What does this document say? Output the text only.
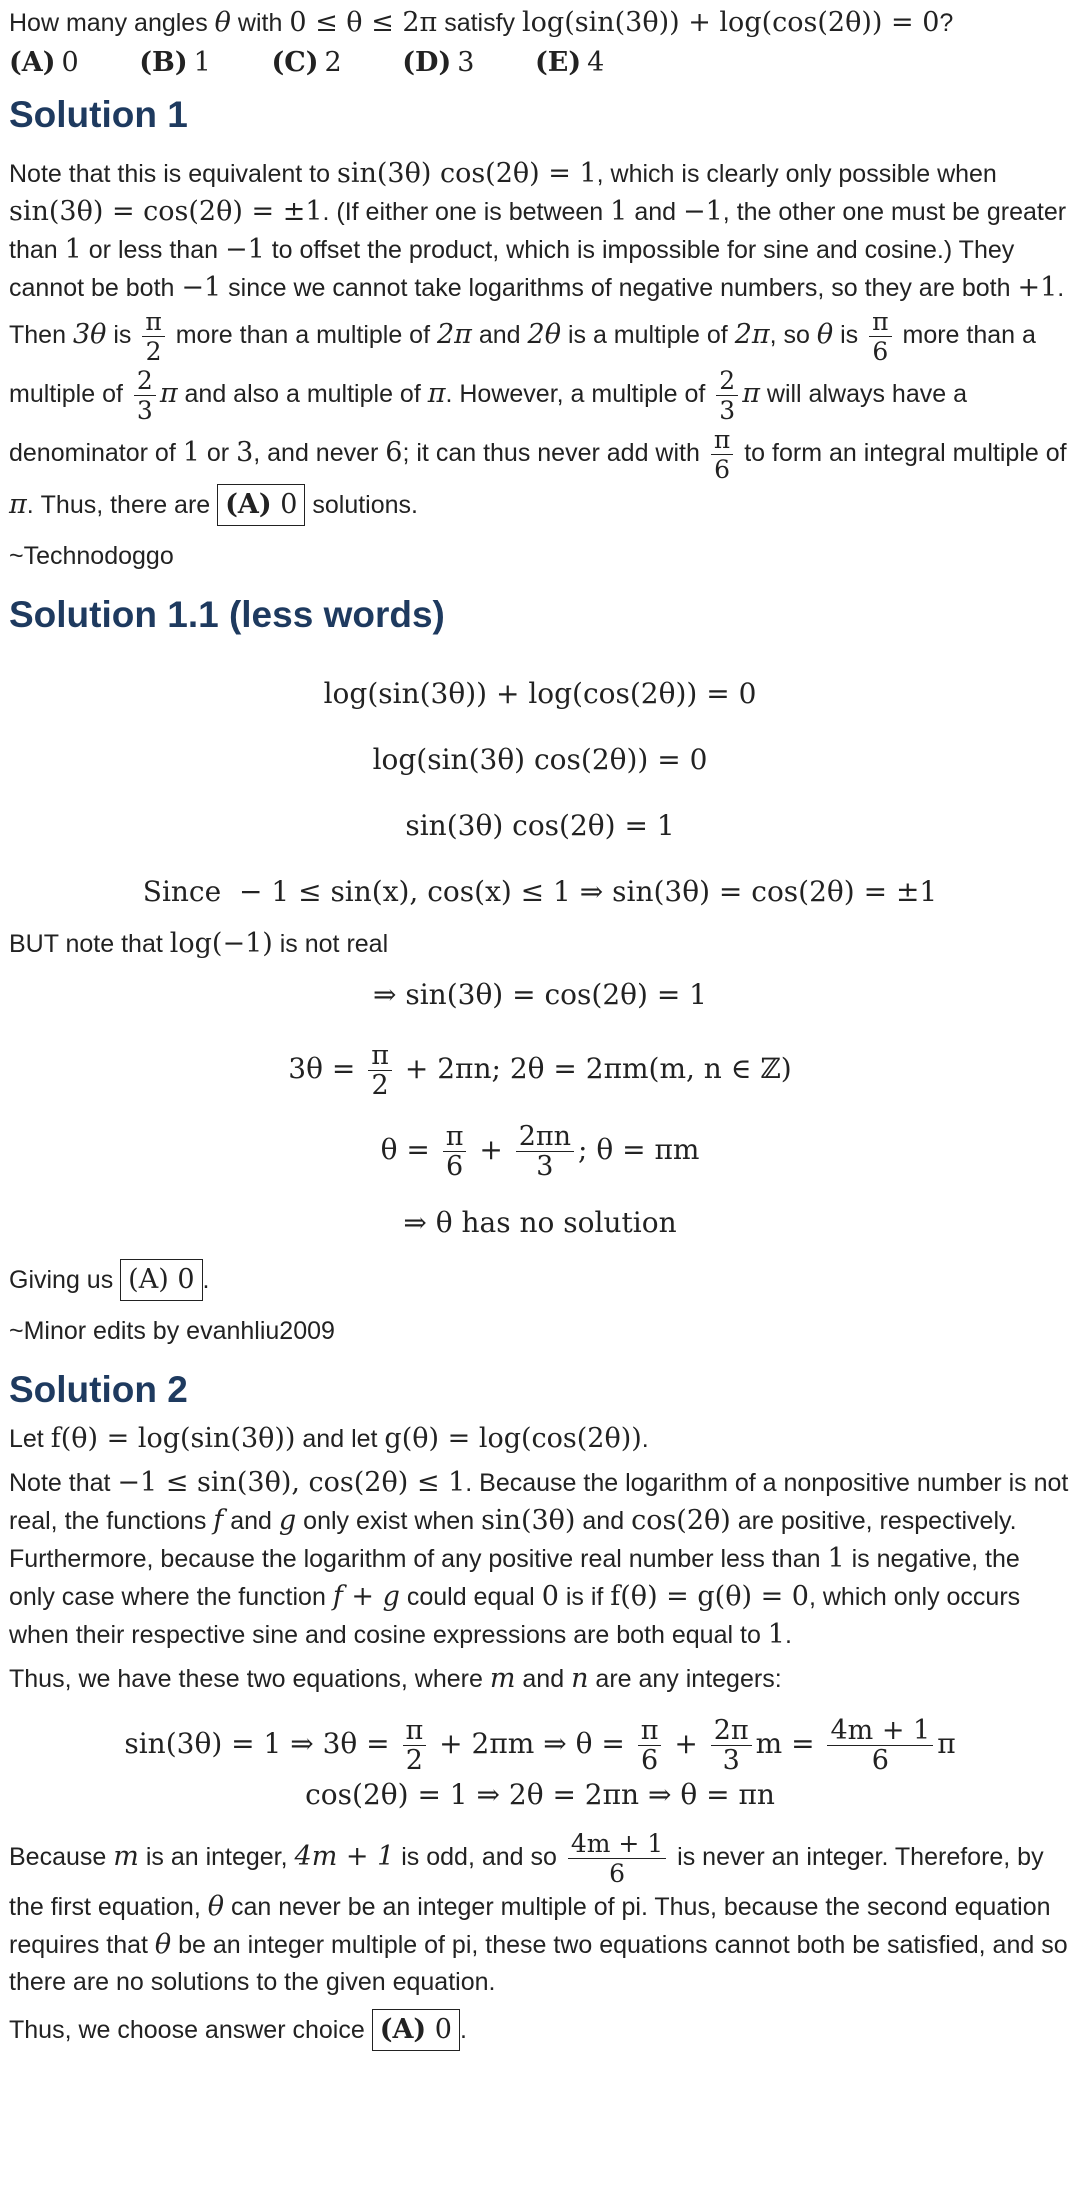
How many angles θ with 0 ≤ θ ≤ 2π satisfy log(sin(3θ)) + log(cos(2θ)) = 0?

(A) 0 (B) 1 (C) 2 (D) 3 (E) 4
Solution 1

Note that this is equivalent to sin(3θ) cos(2θ) = 1, which is clearly only possible when sin(3θ) = cos(2θ) = ±1. (If either one is between 1 and −1, the other one must be greater than 1 or less than −1 to offset the product, which is impossible for sine and cosine.) They cannot be both −1 since we cannot take logarithms of negative numbers, so they are both +1. Then 3θ is $\frac{\pi}{2}$ more than a multiple of 2π and 2θ is a multiple of 2π, so θ is $\frac{\pi}{6}$ more than a multiple of $\frac{2}{3}$ π and also a multiple of π. However, a multiple of $\frac{2}{3}$ π will always have a denominator of 1 or 3, and never 6; it can thus never add with $\frac{\pi}{6}$ to form an integral multiple of π. Thus, there are (A) 0 solutions.

~Technodoggo

Solution 1.1 (less words)
log(sin(3θ)) + log(cos(2θ)) = 0
log(sin(3θ) cos(2θ)) = 0
sin(3θ) cos(2θ) = 1
Since − 1 ≤ sin(x), cos(x) ≤ 1 ⇒ sin(3θ) = cos(2θ) = ±1

BUT note that log(−1) is not real

⇒ sin(3θ) = cos(2θ) = 1
$3\theta = \frac{\pi}{2} + 2\pi n$; 2θ = 2πm(m, n ∈ ℤ)
$\theta = \frac{\pi}{6} + \frac{2\pi n}{3}$ ; θ = πm
⇒ θ has no solution

Giving us (A) 0 .

~Minor edits by evanhliu2009

Solution 2

Let f(θ) = log(sin(3θ)) and let g(θ) = log(cos(2θ)).

Note that −1 ≤ sin(3θ), cos(2θ) ≤ 1. Because the logarithm of a nonpositive number is not real, the functions f and g only exist when sin(3θ) and cos(2θ) are positive, respectively. Furthermore, because the logarithm of any positive real number less than 1 is negative, the only case where the function f + g could equal 0 is if f(θ) = g(θ) = 0, which only occurs when their respective sine and cosine expressions are both equal to 1.

Thus, we have these two equations, where m and n are any integers:

sin(3θ) = 1 ⇒ $3\theta = \frac{\pi}{2} + 2\pi m$ ⇒ $\theta = \frac{\pi}{6} + \frac{2\pi}{3}$ $m = \frac{4m + 1}{6}$ π
cos(2θ) = 1 ⇒ 2θ = 2πn ⇒ θ = πn

Because m is an integer, 4m + 1 is odd, and so $\frac{4m + 1}{6}$ is never an integer. Therefore, by the first equation, θ can never be an integer multiple of pi. Thus, because the second equation requires that θ be an integer multiple of pi, these two equations cannot both be satisfied, and so there are no solutions to the given equation.

Thus, we choose answer choice (A) 0 .
